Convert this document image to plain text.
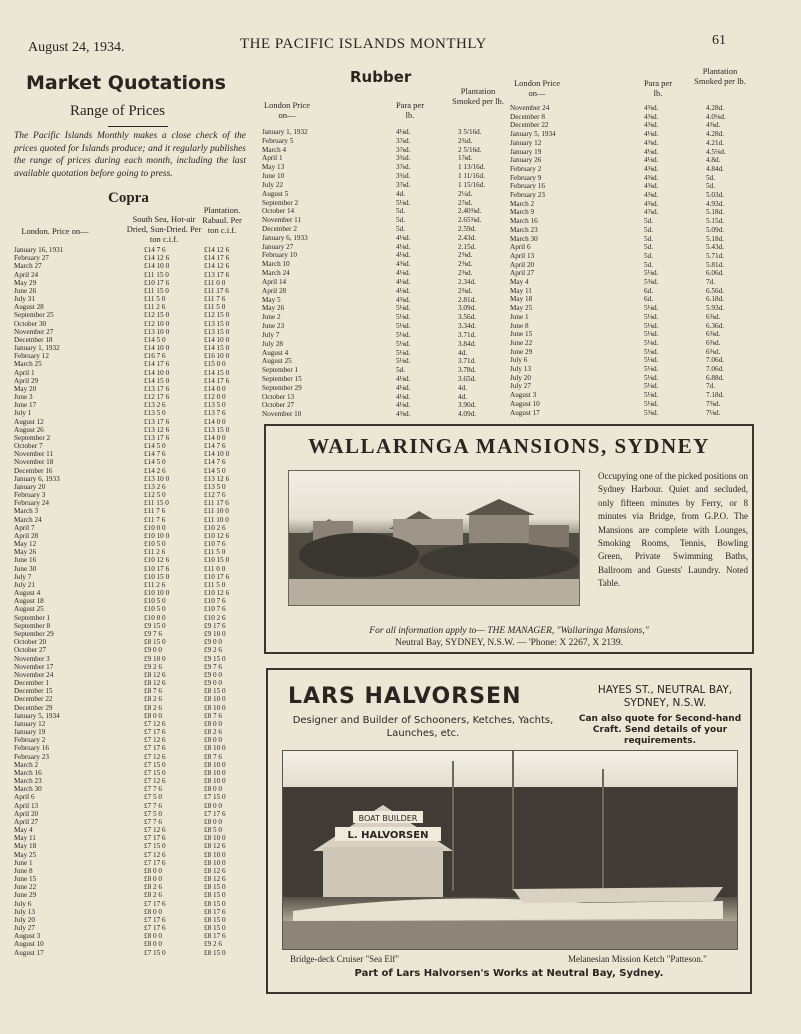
August 24, 1934.	THE PACIFIC ISLANDS MONTHLY	61
Market Quotations
Range of Prices
The Pacific Islands Monthly makes a close check of the prices quoted for Islands produce; and it regularly publishes the range of prices during each month, including the last available quotation before going to press.
Copra
London. Price on—
South Sea, Hot-air Dried, Sun-Dried. Per ton c.i.f.
Plantation. Rabaul. Per ton c.i.f.
January 16, 1931	£14 7 6	£14 12 6
February 27	£14 12 6	£14 17 6
March 27	£14 10 0	£14 12 6
April 24	£11 15 0	£13 17 6
May 29	£10 17 6	£11 0 0
June 26	£11 15 0	£11 17 6
July 31	£11 5 0	£11 7 6
August 28	£11 2 6	£11 5 0
September 25	£12 15 0	£12 15 0
October 30	£12 10 0	£13 15 0
November 27	£13 10 0	£13 15 0
December 18	£14 5 0	£14 10 0
January 1, 1932	£14 10 0	£14 15 0
February 12	£16 7 6	£16 10 0
March 25	£14 17 6	£15 0 0
April 1	£14 10 0	£14 15 0
April 29	£14 15 0	£14 17 6
May 20	£13 17 6	£14 0 0
June 3	£12 17 6	£12 0 0
June 17	£13 2 6	£13 5 0
July 1	£13 5 0	£13 7 6
August 12	£13 17 6	£14 0 0
August 26	£13 12 6	£13 15 0
September 2	£13 17 6	£14 0 0
October 7	£14 5 0	£14 7 6
November 11	£14 7 6	£14 10 0
November 18	£14 5 0	£14 7 6
December 16	£14 2 6	£14 5 0
January 6, 1933	£13 10 0	£13 12 6
January 20	£13 2 6	£13 5 0
February 3	£12 5 0	£12 7 6
February 24	£11 15 0	£11 17 6
March 3	£11 7 6	£11 10 0
March 24	£11 7 6	£11 10 0
April 7	£10 0 0	£10 2 6
April 28	£10 10 0	£10 12 6
May 12	£10 5 0	£10 7 6
May 26	£11 2 6	£11 5 0
June 16	£10 12 6	£10 15 0
June 30	£10 17 6	£11 0 0
July 7	£10 15 0	£10 17 6
July 21	£11 2 6	£11 5 0
August 4	£10 10 0	£10 12 6
August 18	£10 5 0	£10 7 6
August 25	£10 5 0	£10 7 6
September 1	£10 0 0	£10 2 6
September 8	£9 15 0	£9 17 6
September 29	£9 7 6	£9 10 0
October 20	£8 15 0	£9 0 0
October 27	£9 0 0	£9 2 6
November 3	£9 10 0	£9 15 0
November 17	£9 2 6	£9 7 6
November 24	£8 12 6	£9 0 0
December 1	£8 12 6	£9 0 0
December 15	£8 7 6	£8 15 0
December 22	£8 2 6	£8 10 0
December 29	£8 2 6	£8 10 0
January 5, 1934	£8 0 0	£8 7 6
January 12	£7 12 6	£8 0 0
January 19	£7 17 6	£8 2 6
February 2	£7 12 6	£8 0 0
February 16	£7 17 6	£8 10 0
February 23	£7 12 6	£8 7 6
March 2	£7 15 0	£8 10 0
March 16	£7 15 0	£8 10 0
March 23	£7 12 6	£8 10 0
March 30	£7 7 6	£8 0 0
April 6	£7 5 0	£7 15 0
April 13	£7 7 6	£8 0 0
April 20	£7 5 0	£7 17 6
April 27	£7 7 6	£8 0 0
May 4	£7 12 6	£8 5 0
May 11	£7 17 6	£8 10 0
May 18	£7 15 0	£8 12 6
May 25	£7 12 6	£8 10 0
June 1	£7 17 6	£8 10 0
June 8	£8 0 0	£8 12 6
June 15	£8 0 0	£8 12 6
June 22	£8 2 6	£8 15 0
June 29	£8 2 6	£8 15 0
July 6	£7 17 6	£8 15 0
July 13	£8 0 0	£8 17 6
July 20	£7 17 6	£8 15 0
July 27	£7 17 6	£8 15 0
August 3	£8 0 0	£8 17 6
August 10	£8 0 0	£9 2 6
August 17	£7 15 0	£8 15 0
Rubber
London Price on—
Para per lb.
Plantation Smoked per lb.
London Price on—
Para per lb.
Plantation Smoked per lb.
January 1, 1932	4⅛d.	3 5/16d.
February 5	3⅞d.	2¾d.
March 4	3⅞d.	2 5/16d.
April 1	3¾d.	1⅞d.
May 13	3⅞d.	1 13/16d.
June 10	3¾d.	1 11/16d.
July 22	3⅞d.	1 15/16d.
August 5	4d.	2¼d.
September 2	5⅛d.	2⅞d.
October 14	5d.	2.40⅜d.
November 11	5d.	2.65⅜d.
December 2	5d.	2.59d.
January 6, 1933	4⅛d.	2.43d.
January 27	4⅛d.	2.15d.
February 10	4⅛d.	2⅜d.
March 10	4⅜d.	2⅜d.
March 24	4⅛d.	2⅜d.
April 14	4⅛d.	2.34d.
April 28	4⅛d.	2⅜d.
May 5	4⅜d.	2.81d.
May 26	5⅛d.	3.09d.
June 2	5⅛d.	3.56d.
June 23	5⅛d.	3.34d.
July 7	5⅛d.	3.71d.
July 28	5⅛d.	3.84d.
August 4	5⅛d.	4d.
August 25	5⅛d.	3.71d.
September 1	5d.	3.78d.
September 15	4⅛d.	3.65d.
September 29	4⅛d.	4d.
October 13	4⅛d.	4d.
October 27	4⅛d.	3.90d.
November 10	4⅜d.	4.09d.
November 24	4⅜d.	4.28d.
December 8	4⅜d.	4.0⅛d.
December 22	4⅜d.	4⅜d.
January 5, 1934	4⅛d.	4.28d.
January 12	4⅜d.	4.21d.
January 19	4⅛d.	4.5⅛d.
January 26	4⅛d.	4.8d.
February 2	4⅜d.	4.84d.
February 9	4⅜d.	5d.
February 16	4⅜d.	5d.
February 23	4⅜d.	5.03d.
March 2	4⅜d.	4.93d.
March 9	4⅞d.	5.18d.
March 16	5d.	5.15d.
March 23	5d.	5.09d.
March 30	5d.	5.18d.
April 6	5d.	5.43d.
April 13	5d.	5.71d.
April 20	5d.	5.81d.
April 27	5⅛d.	6.06d.
May 4	5⅜d.	7d.
May 11	6d.	6.56d.
May 18	6d.	6.18d.
May 25	5⅛d.	5.93d.
June 1	5⅛d.	6⅜d.
June 8	5⅛d.	6.36d.
June 15	5⅛d.	6⅜d.
June 22	5⅛d.	6⅜d.
June 29	5⅛d.	6⅜d.
July 6	5⅛d.	7.06d.
July 13	5⅛d.	7.06d.
July 20	5⅛d.	6.88d.
July 27	5⅛d.	7d.
August 3	5⅛d.	7.18d.
August 10	5⅛d.	7⅜d.
August 17	5⅜d.	7⅛d.
WALLARINGA MANSIONS, SYDNEY
Occupying one of the picked positions on Sydney Harbour. Quiet and secluded, only fifteen minutes by Ferry, or 8 minutes via Bridge, from G.P.O. The Mansions are complete with Lounges, Smoking Rooms, Tennis, Bowling Green, Private Swimming Baths, Ballroom and Guests' Laundry. Noted Table.
For all information apply to— THE MANAGER, "Wallaringa Mansions,"
Neutral Bay, SYDNEY, N.S.W. — 'Phone: X 2267, X 2139.
LARS HALVORSEN	HAYES ST., NEUTRAL BAY, SYDNEY, N.S.W.
Designer and Builder of Schooners, Ketches, Yachts, Launches, etc.
Can also quote for Second-hand Craft. Send details of your requirements.
BOAT BUILDER
L. HALVORSEN
Bridge-deck Cruiser "Sea Elf"	Melanesian Mission Ketch "Patteson."
Part of Lars Halvorsen's Works at Neutral Bay, Sydney.
